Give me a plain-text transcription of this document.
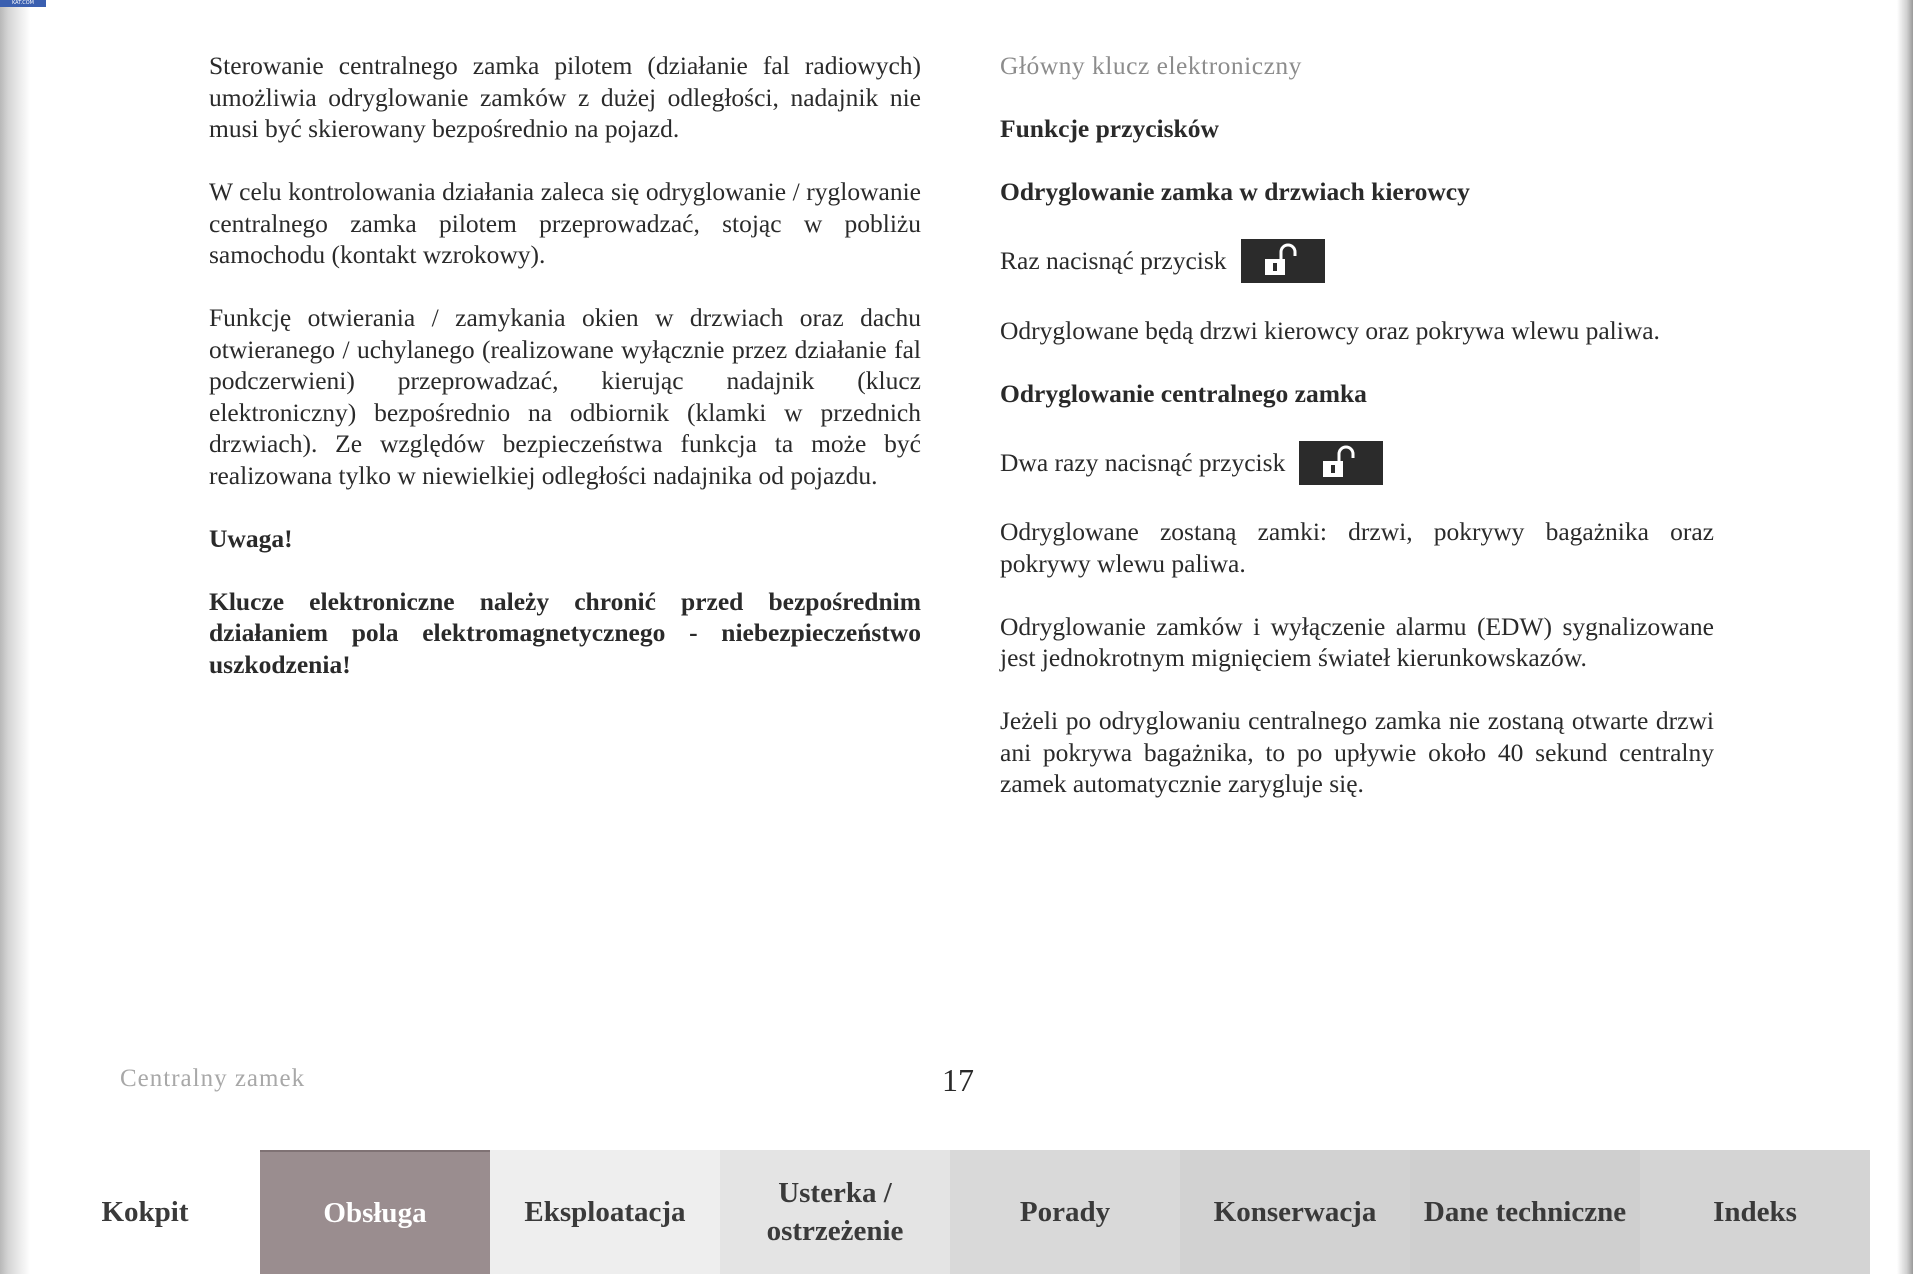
KAT.COM

Sterowanie centralnego zamka pilotem (działanie fal radiowych) umożliwia odryglowanie zamków z dużej odległości, nadajnik nie musi być skierowany bezpośrednio na pojazd.

W celu kontrolowania działania zaleca się odryglowanie / ryglowanie centralnego zamka pilotem przeprowadzać, stojąc w pobliżu samochodu (kontakt wzrokowy).

Funkcję otwierania / zamykania okien w drzwiach oraz dachu otwieranego / uchylanego (realizowane wyłącznie przez działanie fal podczerwieni) przeprowadzać, kierując nadajnik (klucz elektroniczny) bezpośrednio na odbiornik (klamki w przednich drzwiach). Ze względów bezpieczeństwa funkcja ta może być realizowana tylko w niewielkiej odległości nadajnika od pojazdu.

Uwaga!

Klucze elektroniczne należy chronić przed bezpośrednim działaniem pola elektromagnetycznego - niebezpieczeństwo uszkodzenia!

Główny klucz elektroniczny

Funkcje przycisków

Odryglowanie zamka w drzwiach kierowcy

Raz nacisnąć przycisk

Odryglowane będą drzwi kierowcy oraz pokrywa wlewu paliwa.

Odryglowanie centralnego zamka

Dwa razy nacisnąć przycisk

Odryglowane zostaną zamki: drzwi, pokrywy bagażnika oraz pokrywy wlewu paliwa.

Odryglowanie zamków i wyłączenie alarmu (EDW) sygnalizowane jest jednokrotnym mignięciem świateł kierunkowskazów.

Jeżeli po odryglowaniu centralnego zamka nie zostaną otwarte drzwi ani pokrywa bagażnika, to po upływie około 40 sekund centralny zamek automatycznie zarygluje się.

Centralny zamek	17
Kokpit	Obsługa	Eksploatacja
Usterka / ostrzeżenie
Porady	Konserwacja	Dane techniczne	Indeks
